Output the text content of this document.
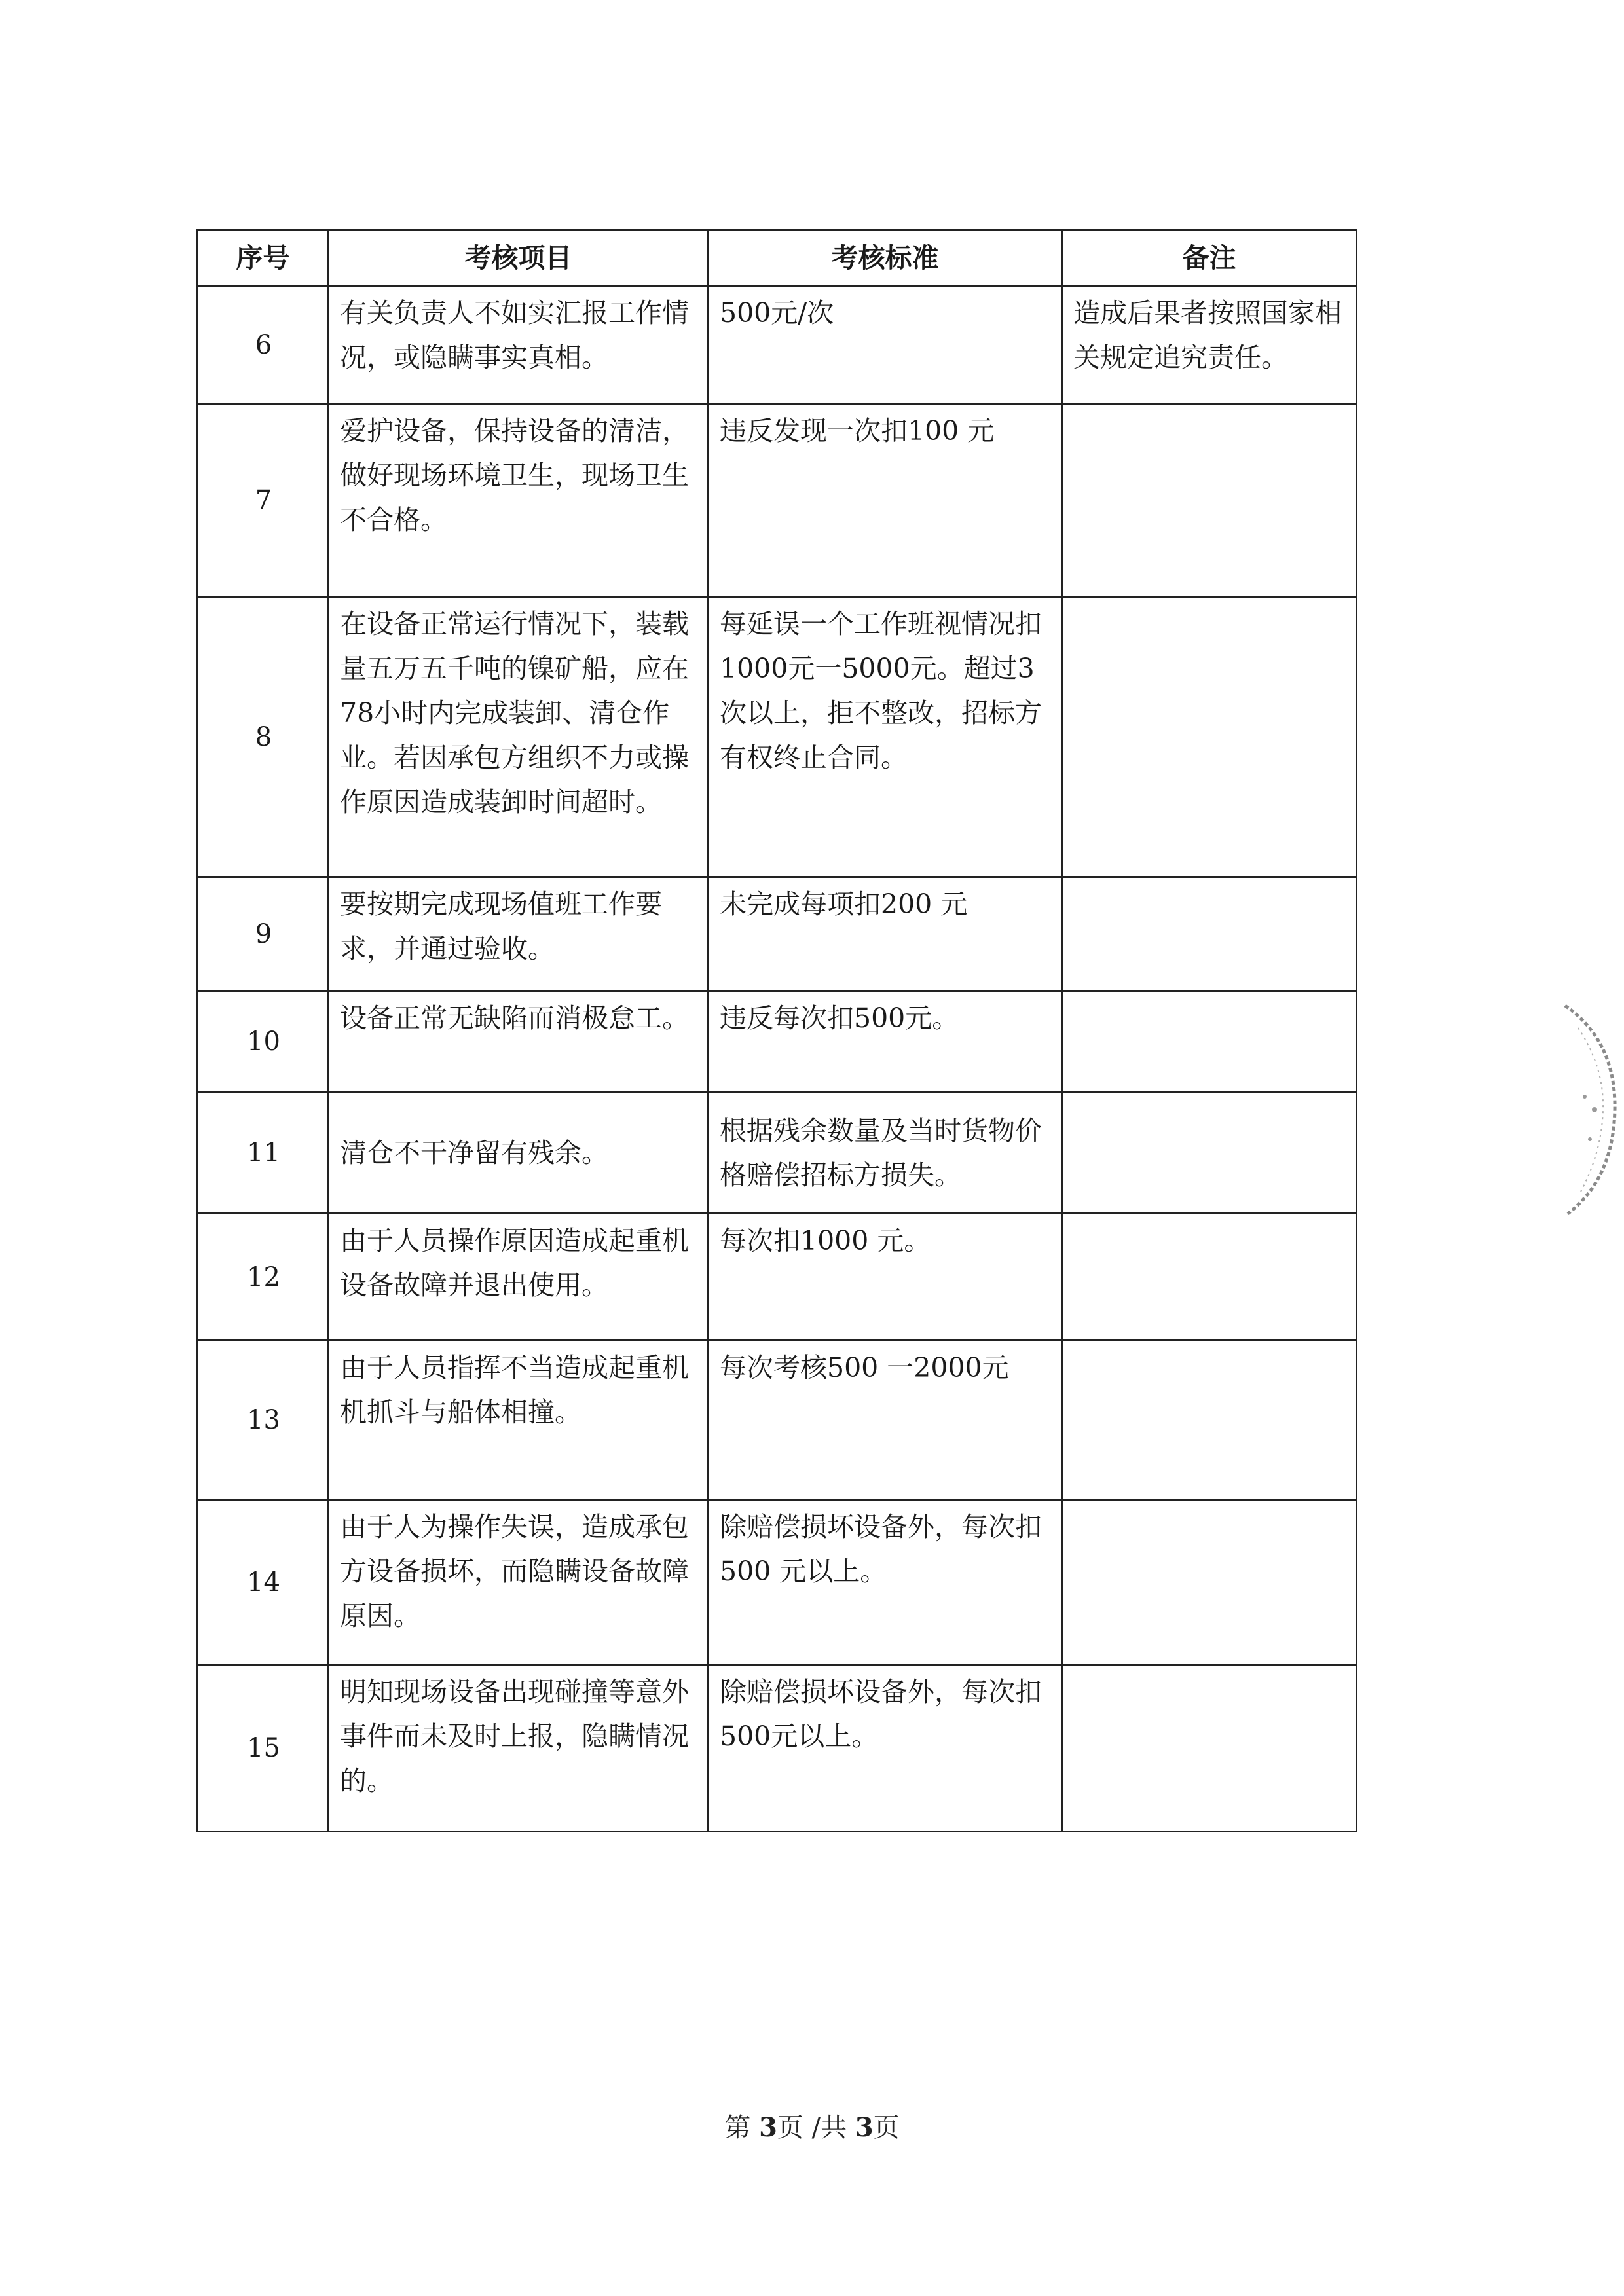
序号	考核项目	考核标准	备注
6	有关负责人不如实汇报工作情况，或隐瞒事实真相。	500元/次	造成后果者按照国家相关规定追究责任。
7	爱护设备，保持设备的清洁，做好现场环境卫生，现场卫生不合格。	违反发现一次扣100 元	
8	在设备正常运行情况下，装载量五万五千吨的镍矿船，应在78小时内完成装卸、清仓作业。若因承包方组织不力或操作原因造成装卸时间超时。	每延误一个工作班视情况扣1000元一5000元。超过3 次以上，拒不整改，招标方有权终止合同。	
9	要按期完成现场值班工作要求，并通过验收。	未完成每项扣200 元	
10	设备正常无缺陷而消极怠工。	违反每次扣500元。	
11	清仓不干净留有残余。	根据残余数量及当时货物价格赔偿招标方损失。	
12	由于人员操作原因造成起重机设备故障并退出使用。	每次扣1000 元。	
13	由于人员指挥不当造成起重机机抓斗与船体相撞。	每次考核500 一2000元	
14	由于人为操作失误，造成承包方设备损坏，而隐瞒设备故障原因。	除赔偿损坏设备外，每次扣500 元以上。	
15	明知现场设备出现碰撞等意外事件而未及时上报，隐瞒情况的。	除赔偿损坏设备外，每次扣500元以上。	
第 3页 /共 3页
